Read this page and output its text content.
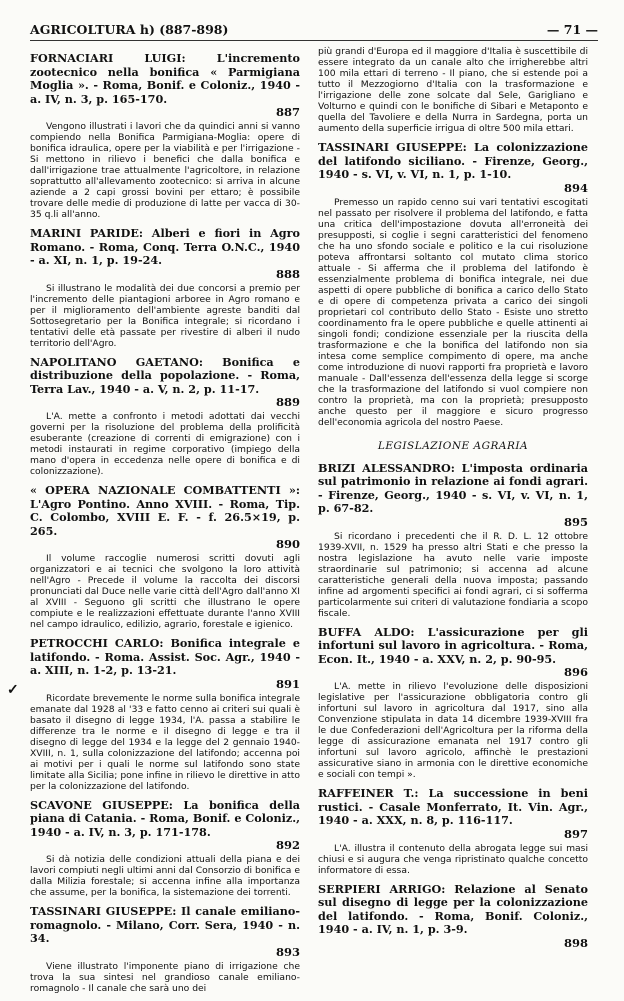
AGRICOLTURA h) (887-898)	— 71 —
✓
FORNACIARI LUIGI: L'incremento zootecnico nella bonifica « Parmigiana Moglia ». - Roma, Bonif. e Coloniz., 1940 - a. IV, n. 3, p. 165-170.
887
Vengono illustrati i lavori che da quindici anni si vanno compiendo nella Bonifica Parmigiana-Moglia: opere di bonifica idraulica, opere per la viabilità e per l'irrigazione - Si mettono in rilievo i benefici che dalla bonifica e dall'irrigazione trae attualmente l'agricoltore, in relazione soprattutto all'allevamento zootecnico: si arriva in alcune aziende a 2 capi grossi bovini per ettaro; è possibile trovare delle medie di produzione di latte per vacca di 30-35 q.li all'anno.
MARINI PARIDE: Alberi e fiori in Agro Romano. - Roma, Conq. Terra O.N.C., 1940 - a. XI, n. 1, p. 19-24.
888
Si illustrano le modalità dei due concorsi a premio per l'incremento delle piantagioni arboree in Agro romano e per il miglioramento dell'ambiente agreste banditi dal Sottosegretario per la Bonifica integrale; si ricordano i tentativi delle età passate per rivestire di alberi il nudo territorio dell'Agro.
NAPOLITANO GAETANO: Bonifica e distribuzione della popolazione. - Roma, Terra Lav., 1940 - a. V, n. 2, p. 11-17.
889
L'A. mette a confronto i metodi adottati dai vecchi governi per la risoluzione del problema della prolificità esuberante (creazione di correnti di emigrazione) con i metodi instaurati in regime corporativo (impiego della mano d'opera in eccedenza nelle opere di bonifica e di colonizzazione).
« OPERA NAZIONALE COMBATTENTI »: L'Agro Pontino. Anno XVIII. - Roma, Tip. C. Colombo, XVIII E. F. - f. 26.5×19, p. 265.
890
Il volume raccoglie numerosi scritti dovuti agli organizzatori e ai tecnici che svolgono la loro attività nell'Agro - Precede il volume la raccolta dei discorsi pronunciati dal Duce nelle varie città dell'Agro dall'anno XI al XVIII - Seguono gli scritti che illustrano le opere compiute e le realizzazioni effettuate durante l'anno XVIII nel campo idraulico, edilizio, agrario, forestale e igienico.
PETROCCHI CARLO: Bonifica integrale e latifondo. - Roma. Assist. Soc. Agr., 1940 - a. XIII, n. 1-2, p. 13-21.
891
Ricordate brevemente le norme sulla bonifica integrale emanate dal 1928 al '33 e fatto cenno ai criteri sui quali è basato il disegno di legge 1934, l'A. passa a stabilire le differenze tra le norme e il disegno di legge e tra il disegno di legge del 1934 e la legge del 2 gennaio 1940-XVIII, n. 1, sulla colonizzazione del latifondo; accenna poi ai motivi per i quali le norme sul latifondo sono state limitate alla Sicilia; pone infine in rilievo le direttive in atto per la colonizzazione del latifondo.
SCAVONE GIUSEPPE: La bonifica della piana di Catania. - Roma, Bonif. e Coloniz., 1940 - a. IV, n. 3, p. 171-178.
892
Si dà notizia delle condizioni attuali della piana e dei lavori compiuti negli ultimi anni dal Consorzio di bonifica e dalla Milizia forestale; si accenna infine alla importanza che assume, per la bonifica, la sistemazione dei torrenti.
TASSINARI GIUSEPPE: Il canale emiliano-romagnolo. - Milano, Corr. Sera, 1940 - n. 34.
893
Viene illustrato l'imponente piano di irrigazione che trova la sua sintesi nel grandioso canale emiliano-romagnolo - Il canale che sarà uno dei
più grandi d'Europa ed il maggiore d'Italia è suscettibile di essere integrato da un canale alto che irrigherebbe altri 100 mila ettari di terreno - Il piano, che si estende poi a tutto il Mezzogiorno d'Italia con la trasformazione e l'irrigazione delle zone solcate dal Sele, Garigliano e Volturno e quindi con le bonifiche di Sibari e Metaponto e quella del Tavoliere e della Nurra in Sardegna, porta un aumento della superficie irrigua di oltre 500 mila ettari.
TASSINARI GIUSEPPE: La colonizzazione del latifondo siciliano. - Firenze, Georg., 1940 - s. VI, v. VI, n. 1, p. 1-10.
894
Premesso un rapido cenno sui vari tentativi escogitati nel passato per risolvere il problema del latifondo, e fatta una critica dell'impostazione dovuta all'erroneità dei presupposti, si coglie i segni caratteristici del fenomeno che ha uno sfondo sociale e politico e la cui risoluzione poteva affrontarsi soltanto col mutato clima storico attuale - Si afferma che il problema del latifondo è essenzialmente problema di bonifica integrale, nei due aspetti di opere pubbliche di bonifica a carico dello Stato e di opere di competenza privata a carico dei singoli proprietari col contributo dello Stato - Esiste uno stretto coordinamento fra le opere pubbliche e quelle attinenti ai singoli fondi; condizione essenziale per la riuscita della trasformazione e che la bonifica del latifondo non sia intesa come semplice compimento di opere, ma anche come introduzione di nuovi rapporti fra proprietà e lavoro manuale - Dall'essenza dell'essenza della legge si scorge che la trasformazione del latifondo si vuol compiere non contro la proprietà, ma con la proprietà; presupposto anche questo per il maggiore e sicuro progresso dell'economia agricola del nostro Paese.
LEGISLAZIONE AGRARIA
BRIZI ALESSANDRO: L'imposta ordinaria sul patrimonio in relazione ai fondi agrari. - Firenze, Georg., 1940 - s. VI, v. VI, n. 1, p. 67-82.
895
Si ricordano i precedenti che il R. D. L. 12 ottobre 1939-XVII, n. 1529 ha presso altri Stati e che presso la nostra legislazione ha avuto nelle varie imposte straordinarie sul patrimonio; si accenna ad alcune caratteristiche generali della nuova imposta; passando infine ad argomenti specifici ai fondi agrari, ci si sofferma particolarmente sui criteri di valutazione fondiaria a scopo fiscale.
BUFFA ALDO: L'assicurazione per gli infortuni sul lavoro in agricoltura. - Roma, Econ. It., 1940 - a. XXV, n. 2, p. 90-95.
896
L'A. mette in rilievo l'evoluzione delle disposizioni legislative per l'assicurazione obbligatoria contro gli infortuni sul lavoro in agricoltura dal 1917, sino alla Convenzione stipulata in data 14 dicembre 1939-XVIII fra le due Confederazioni dell'Agricoltura per la riforma della legge di assicurazione emanata nel 1917 contro gli infortuni sul lavoro agricolo, affinchè le prestazioni assicurative siano in armonia con le direttive economiche e sociali con tempi ».
RAFFEINER T.: La successione in beni rustici. - Casale Monferrato, It. Vin. Agr., 1940 - a. XXX, n. 8, p. 116-117.
897
L'A. illustra il contenuto della abrogata legge sui masi chiusi e si augura che venga ripristinato qualche concetto informatore di essa.
SERPIERI ARRIGO: Relazione al Senato sul disegno di legge per la colonizzazione del latifondo. - Roma, Bonif. Coloniz., 1940 - a. IV, n. 1, p. 3-9.
898
